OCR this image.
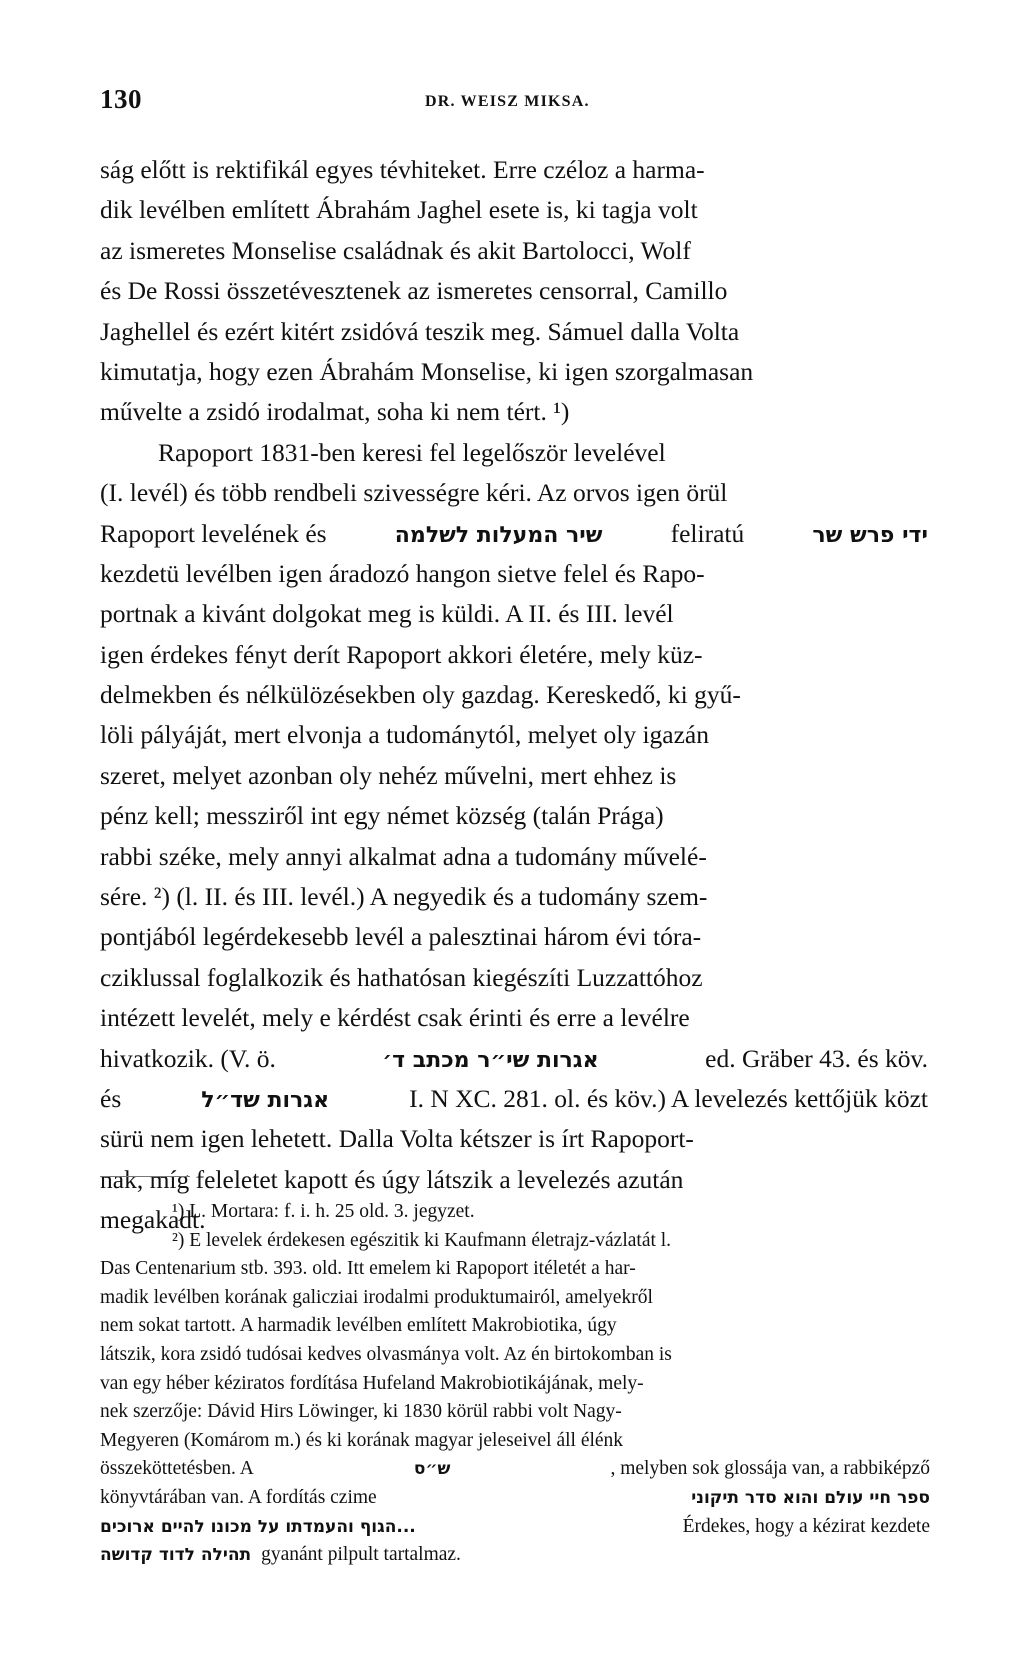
130	DR. WEISZ MIKSA.
ság előtt is rektifikál egyes tévhiteket. Erre czéloz a harma-
dik levélben említett Ábrahám Jaghel esete is, ki tagja volt
az ismeretes Monselise családnak és akit Bartolocci, Wolf
és De Rossi összetévesztenek az ismeretes censorral, Camillo
Jaghellel és ezért kitért zsidóvá teszik meg. Sámuel dalla Volta
kimutatja, hogy ezen Ábrahám Monselise, ki igen szorgalmasan
művelte a zsidó irodalmat, soha ki nem tért. ¹)
Rapoport 1831-ben keresi fel legelőször levelével
(I. levél) és több rendbeli szivességre kéri. Az orvos igen örül
Rapoport levelének és	שיר המעלות לשלמה	feliratú	ידי פרש שר
kezdetü levélben igen áradozó hangon sietve felel és Rapo-
portnak a kivánt dolgokat meg is küldi. A II. és III. levél
igen érdekes fényt derít Rapoport akkori életére, mely küz-
delmekben és nélkülözésekben oly gazdag. Kereskedő, ki gyű-
löli pályáját, mert elvonja a tudománytól, melyet oly igazán
szeret, melyet azonban oly nehéz művelni, mert ehhez is
pénz kell; messziről int egy német község (talán Prága)
rabbi széke, mely annyi alkalmat adna a tudomány művelé-
sére. ²) (l. II. és III. levél.) A negyedik és a tudomány szem-
pontjából legérdekesebb levél a palesztinai három évi tóra-
cziklussal foglalkozik és hathatósan kiegészíti Luzzattóhoz
intézett levelét, mely e kérdést csak érinti és erre a levélre
hivatkozik. (V. ö.	אגרות שי״ר מכתב ד׳	ed. Gräber 43. és köv.
és	אגרות שד״ל	I. N XC. 281. ol. és köv.) A levelezés kettőjük közt
sürü nem igen lehetett. Dalla Volta kétszer is írt Rapoport-
nak, míg feleletet kapott és úgy látszik a levelezés azután
megakadt.
¹) L. Mortara: f. i. h. 25 old. 3. jegyzet.
²) E levelek érdekesen egészitik ki Kaufmann életrajz-vázlatát l.
Das Centenarium stb. 393. old. Itt emelem ki Rapoport itéletét a har-
madik levélben korának galicziai irodalmi produktumairól, amelyekről
nem sokat tartott. A harmadik levélben említett Makrobiotika, úgy
látszik, kora zsidó tudósai kedves olvasmánya volt. Az én birtokomban is
van egy héber kéziratos fordítása Hufeland Makrobiotikájának, mely-
nek szerzője: Dávid Hirs Löwinger, ki 1830 körül rabbi volt Nagy-
Megyeren (Komárom m.) és ki korának magyar jeleseivel áll élénk
összeköttetésben. A	ש״ס	, melyben sok glossája van, a rabbiképző
könyvtárában van. A fordítás czime	ספר חיי עולם והוא סדר תיקוני
...הגוף והעמדתו על מכונו להיים ארוכים	Érdekes, hogy a kézirat kezdete
תהילה לדוד קדושה gyanánt pilpult tartalmaz.
